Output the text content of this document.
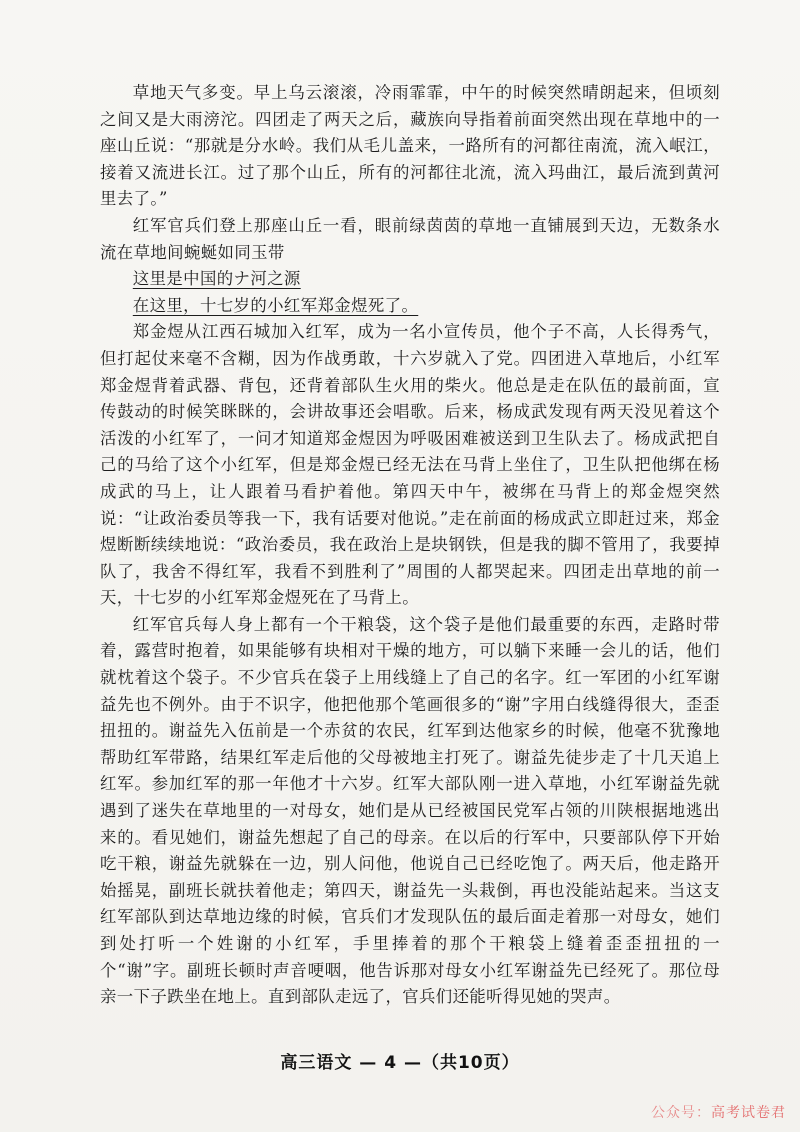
草地天气多变。早上乌云滚滚，冷雨霏霏，中午的时候突然晴朗起来，但顷刻之间又是大雨滂沱。四团走了两天之后，藏族向导指着前面突然出现在草地中的一座山丘说：“那就是分水岭。我们从毛儿盖来，一路所有的河都往南流，流入岷江，接着又流进长江。过了那个山丘，所有的河都往北流，流入玛曲江，最后流到黄河里去了。”

红军官兵们登上那座山丘一看，眼前绿茵茵的草地一直铺展到天边，无数条水流在草地间蜿蜒如同玉带

这里是中国的ナ河之源

在这里，十七岁的小红军郑金煜死了。

郑金煜从江西石城加入红军，成为一名小宣传员，他个子不高，人长得秀气，但打起仗来毫不含糊，因为作战勇敢，十六岁就入了党。四团进入草地后，小红军郑金煜背着武器、背包，还背着部队生火用的柴火。他总是走在队伍的最前面，宣传鼓动的时候笑眯眯的，会讲故事还会唱歌。后来，杨成武发现有两天没见着这个活泼的小红军了，一问才知道郑金煜因为呼吸困难被送到卫生队去了。杨成武把自己的马给了这个小红军，但是郑金煜已经无法在马背上坐住了，卫生队把他绑在杨成武的马上，让人跟着马看护着他。第四天中午，被绑在马背上的郑金煜突然说：“让政治委员等我一下，我有话要对他说。”走在前面的杨成武立即赶过来，郑金煜断断续续地说：“政治委员，我在政治上是块钢铁，但是我的脚不管用了，我要掉队了，我舍不得红军，我看不到胜利了”周围的人都哭起来。四团走出草地的前一天，十七岁的小红军郑金煜死在了马背上。

红军官兵每人身上都有一个干粮袋，这个袋子是他们最重要的东西，走路时带着，露营时抱着，如果能够有块相对干燥的地方，可以躺下来睡一会儿的话，他们就枕着这个袋子。不少官兵在袋子上用线缝上了自己的名字。红一军团的小红军谢益先也不例外。由于不识字，他把他那个笔画很多的“谢”字用白线缝得很大，歪歪扭扭的。谢益先入伍前是一个赤贫的农民，红军到达他家乡的时候，他毫不犹豫地帮助红军带路，结果红军走后他的父母被地主打死了。谢益先徒步走了十几天追上红军。参加红军的那一年他才十六岁。红军大部队刚一进入草地，小红军谢益先就遇到了迷失在草地里的一对母女，她们是从已经被国民党军占领的川陕根据地逃出来的。看见她们，谢益先想起了自己的母亲。在以后的行军中，只要部队停下开始吃干粮，谢益先就躲在一边，别人问他，他说自己已经吃饱了。两天后，他走路开始摇晃，副班长就扶着他走；第四天，谢益先一头栽倒，再也没能站起来。当这支红军部队到达草地边缘的时候，官兵们才发现队伍的最后面走着那一对母女，她们到处打听一个姓谢的小红军，手里捧着的那个干粮袋上缝着歪歪扭扭的一个“谢”字。副班长顿时声音哽咽，他告诉那对母女小红军谢益先已经死了。那位母亲一下子跌坐在地上。直到部队走远了，官兵们还能听得见她的哭声。

高三语文 — 4 —（共10页）
公众号：高考试卷君
